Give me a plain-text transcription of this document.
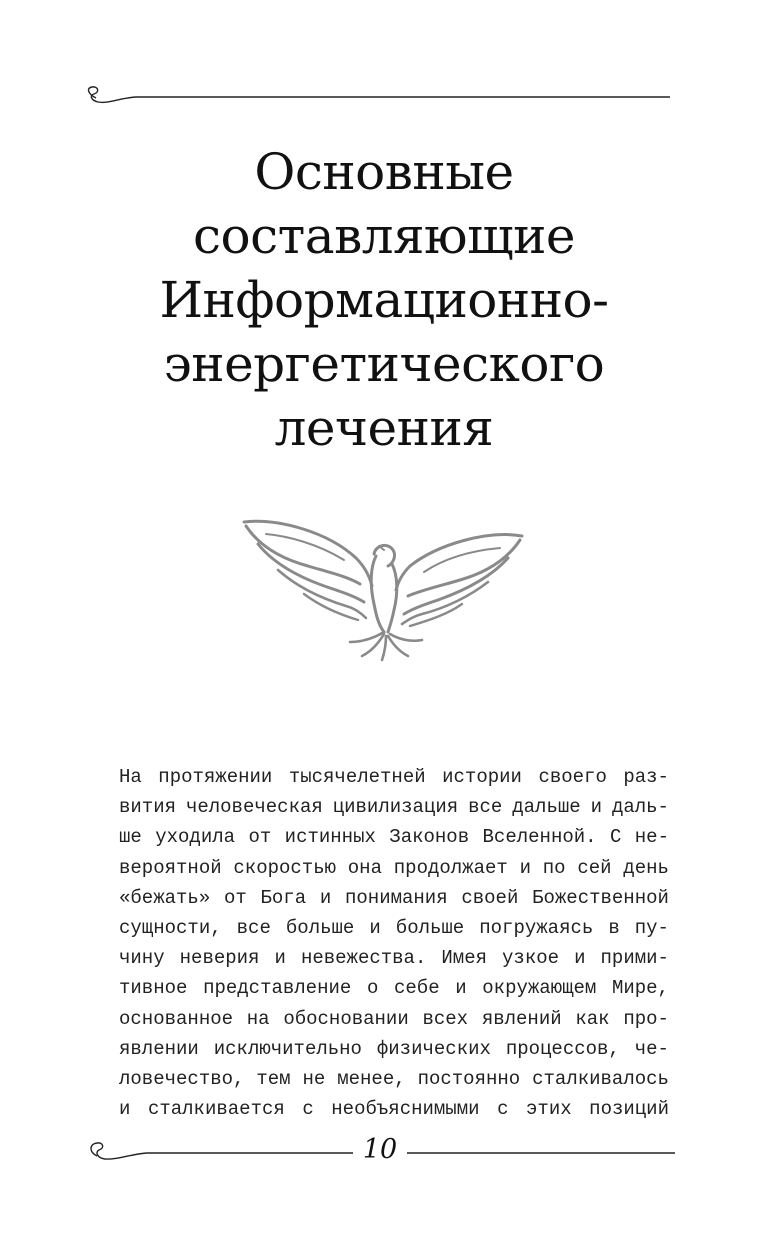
Основные
составляющие
Информационно-
энергетического
лечения
На протяжении тысячелетней истории своего раз-
вития человеческая цивилизация все дальше и даль-
ше уходила от истинных Законов Вселенной. С не-
вероятной скоростью она продолжает и по сей день
«бежать» от Бога и понимания своей Божественной
сущности, все больше и больше погружаясь в пу-
чину неверия и невежества. Имея узкое и прими-
тивное представление о себе и окружающем Мире,
основанное на обосновании всех явлений как про-
явлении исключительно физических процессов, че-
ловечество, тем не менее, постоянно сталкивалось
и сталкивается с необъяснимыми с этих позиций
10
